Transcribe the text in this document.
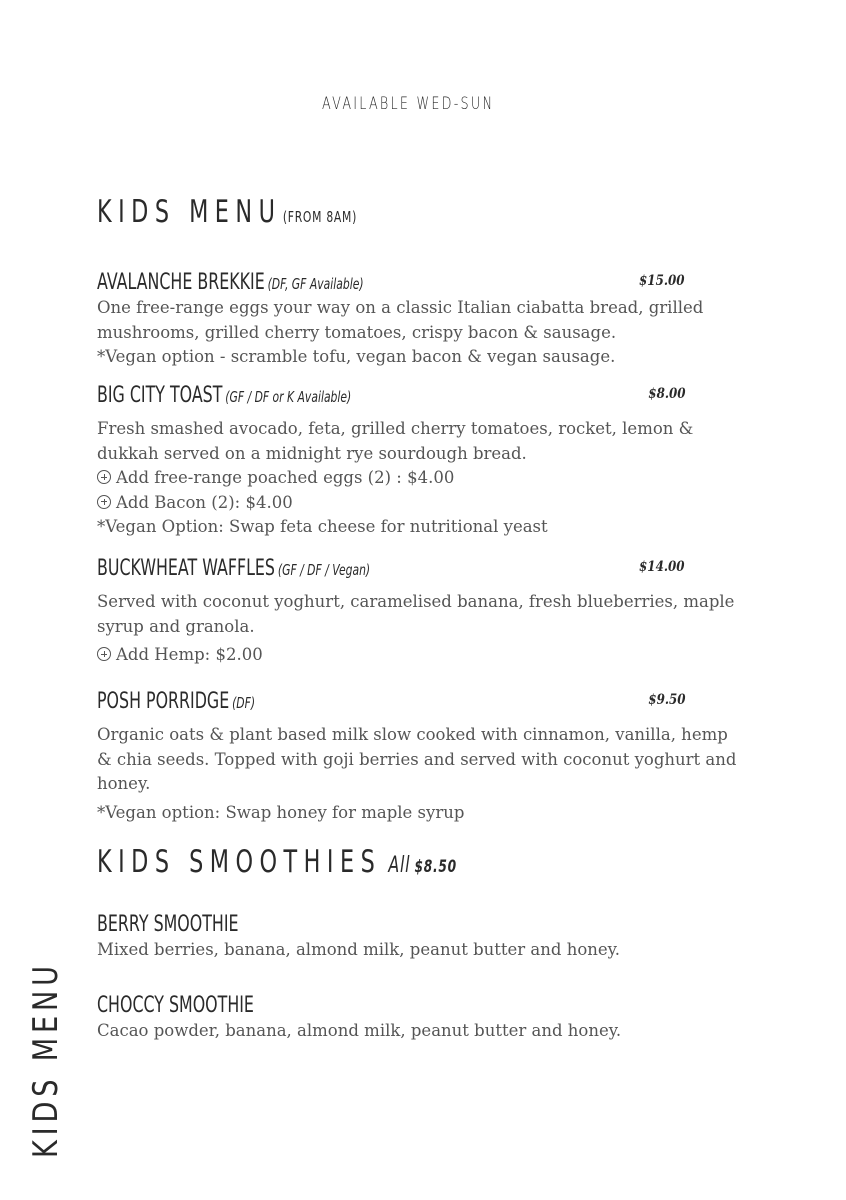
AVAILABLE WED-SUN
KIDS MENU(FROM 8AM)
AVALANCHE BREKKIE (DF, GF Available)	$15.00

One free-range eggs your way on a classic Italian ciabatta bread, grilled mushrooms, grilled cherry tomatoes, crispy bacon & sausage.

*Vegan option - scramble tofu, vegan bacon & vegan sausage.

BIG CITY TOAST (GF / DF or K Available)	$8.00

Fresh smashed avocado, feta, grilled cherry tomatoes, rocket, lemon & dukkah served on a midnight rye sourdough bread.

Add free-range poached eggs (2) : $4.00

Add Bacon (2): $4.00

*Vegan Option: Swap feta cheese for nutritional yeast

BUCKWHEAT WAFFLES (GF / DF / Vegan)	$14.00

Served with coconut yoghurt, caramelised banana, fresh blueberries, maple syrup and granola.

Add Hemp: $2.00

POSH PORRIDGE (DF)	$9.50

Organic oats & plant based milk slow cooked with cinnamon, vanilla, hemp & chia seeds. Topped with goji berries and served with coconut yoghurt and honey.

*Vegan option: Swap honey for maple syrup

KIDS SMOOTHIES All $8.50
BERRY SMOOTHIE

Mixed berries, banana, almond milk, peanut butter and honey.

CHOCCY SMOOTHIE

Cacao powder, banana, almond milk, peanut butter and honey.

KIDS MENU
